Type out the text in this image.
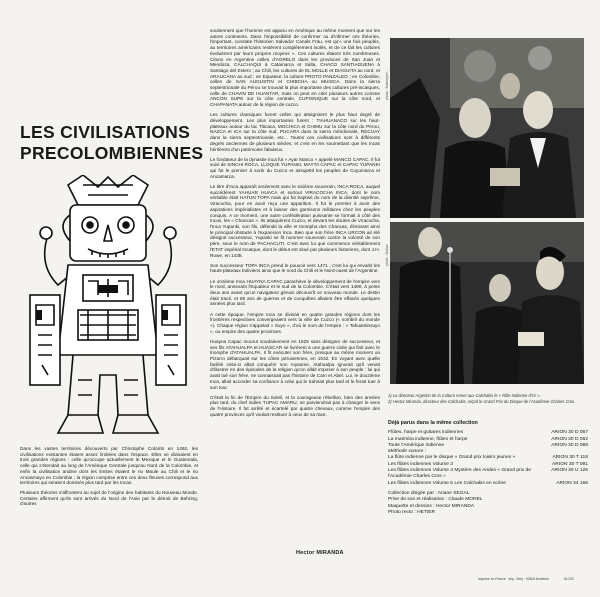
LES CIVILISATIONS
PRECOLOMBIENNES

Dans les vastes territoires découverts par Christophe Colomb en 1492, les civilisations existantes étaient assez limitées dans l'espace. Elles se divisaient en trois grandes régions : celle qu'occupe actuellement le Mexique et le Guatemala, celle qui s'étendait au long de l'Amérique Centrale jusqu'au Nord de la Colombie, et enfin la civilisation andine dont les limites étaient le rio Maule au Chili et le rio Ancasmayo en Colombie ; la région comprise entre ces deux fleuves correspond aux territoires qui seraient dominés plus tard par les Incas.

Plusieurs théories s'affrontent au sujet de l'origine des habitants du Nouveau Monde. Certains affirment qu'ils sont arrivés du Nord de l'Asie par le détroit de Behring, d'autres

soutiennent que l'homme est apparu en Amérique au même moment que sur les autres continents. Dans l'impossibilité de confirmer ou d'infirmer ces théories, l'important, constate l'historien Salvador Canals Frau, est qu'« une fois peuplés, au territoires américains restèrent complètement isolés, et de ce fait les cultures évoluèrent par leurs propres moyens ». Ces cultures étaient très nombreuses. Citons en Argentine celles d'AGRELO dans les provinces de San Juan et Mendoza, CALCHAQUI à Catamarca et Salta, CHACO SANTIAGUENA à Santiago del Estero ; au Chili, les cultures de EL MOLLE et DIAGUITA au nord, et ARAUCANA au sud ; en Equateur, la culture PROTO PANZALEO ; en Colombie, celles de SAN AUGUSTIN et CHIBCHA ou MUISCA. Dans la sierra septentrionale du Pérou se trouvait la plus importante des cultures pré-incaïques, celle de CHAVIN DE HUANTAR, mais on peut en citer plusieurs autres comme ANCON SUPE sur la côte centrale, CUPISNIQUE sur la côte nord, et CHAPANATA autour de la région de cuzco.

Les cultures classiques furent celles qui atteignirent le plus haut degré de développement. Les plus importantes furent : TIAHUANACO sur les haut-plateaux autour du lac Titicaca, MOCHICA et CHIMU sur la côte nord du Pérou, NAZCA et ICA sur la côte sud, PUCARA dans la sierra méridionale, RECUAY dans la sierra septentrionale, etc... Toutes ces civilisations sont à différents degrés anciennes de plusieurs siècles, et c'est en les soumettant que les Incas héritèrent d'un patrimoine fabuleux.

Le fondateur de la dynastie Inca fut « Ayar Manco » appelé MANCO CAPAC. Il fut suivi de SINCHI ROCA, LLOQUE YUPANKI, MAYTA CAPAC et CAPAC YUPANKI qui fut le premier à sortir du Cuzco et assujettit les peuples de Cuyumarca et Ancamarca.

Le titre d'Inca apparaît seulement avec le sixième souverain, INCA ROCA, auquel succédèrent YAHUAR HUACA et surtout VIRACOCHA INCA, dont le nom véritable était HATUN TOPA mais qui fut baptisé du nom de la divinité suprême, Viracocha, pour en avoir reçu une apparition. Il fut le premier à avoir des aspirations impérialistes et à laisser des garnisons militaires chez les peuples conquis. A ce moment, une autre confédération puissante se formait à côté des Incas, les « Chancas ». Ils attaquèrent Cuzco, et devant les doutes de Viracocha, l'Inca Yupanki, son fils, défendit la ville et triompha des Chancas, éliminant ainsi le principal obstacle à l'expansion Inca. Bien que son frère INCA URCON ait été désigné successeur, Yupanki se fit nommer souverain contre la volonté de son père, sous le nom de PACHACUTI. C'est avec lui que commence véritablement l'ETAT impérial Incaïque, dont le début est situé par plusieurs historiens, dont J.H. Rowe, en 1438.

Son successeur TOPA INCA prend le pouvoir vers 1471 ; c'est lui qui envahit les hauts-plateaux boliviens ainsi que le nord du Chili et le Nord-ouest de l'Argentine.

Le onzième Inca HUAYNA CAPAC parachève le développement de l'empire vers le nord, annexant l'Equateur et le sud de la Colombie. C'était vers 1490, à peine deux ans avant qu'un navigateur génois découvrît ce nouveau monde. Le destin était tracé, et 80 ans de guerres et de conquêtes allaient être effacés quelques années plus tard.

A cette époque, l'empire Inca se divisait en quatre grandes régions dont les frontières respectives convergeaient vers la ville de Cuzco (« nombril du monde »). Chaque région s'appelait « Suyo », d'où le nom de l'empire : « Tahuantinsuyo », ou empire des quatre provinces.

Huayna Capac mourut soudainement en 1525 sans désigner de successeur, et ses fils ATAHUALPA et HUASCAR se livrèrent à une guerre civile qui finit avec le triomphe d'ATAHUALPA. Il fit exécuter son frère, presque au même moment où Pizarro débarquait sur les côtes péruviennes, en 1532. En voyant avec quelle facilité celui-ci allait conquérir son royaume, Atahualpa ignorait qu'il venait d'illustrer en des épisodes de la religion qu'on allait imposer à son peuple : lui qui avait tué son frère, ne connaissait pas l'histoire de Caïn et Abel. Lui, le douzième Inca, allait accorder sa confiance à celui qui le trahirait plus tard et le ferait tuer à son tour.

C'était la fin de l'Empire du Soleil, et la courageuse rébellion, bien des années plus tard, du chef indien TUPAC AMARU, ne parviendrait pas à changer le sens de l'Histoire. Il fut arrêté et écartelé par quatre chevaux, comme l'empire des quatre provinces qu'il voulait restituer à ceux de sa race.

Hector MIRANDA
photo : Nutmeyer/...
photo : Dukas
1) Le directeur Argentin de la Culture remet aux Calchakis le « Rôle Indienne d'Or ».
2) Hector Miranda, directeur des Calchakis, reçoit le Grand Prix du Disque de l'Académie Charles Cros.
Déjà parus dans la même collection
Flûtes, harpe et guitares indiennes	ARION 30 D 057
La marimba indienne, flûtes et harpe	ARION 30 D 062
Toute l'Amérique indienne	ARION 30 D 069
Méthode sonore :
La flûte indienne par le disque « Grand prix loisirs jeunes »	ARION 30 T 118
Les flûtes indiennes Volume 3	ARION 30 T 091
Les flûtes indiennes Volume 4 Mystère des Andes « Grand prix de l'Académie Charles Cros »
ARION 30 U 126
Les flûtes indiennes Volume 5 Les Calchakis en scène	ARION 34 156
Collection dirigée par : Ariane SEGAL
Prise de son et réalisation : Claude MOREL
Maquette et dessins : Hector MIRANDA
Photo recto : HETIER
Imprimé en France · Imp. Obry · 92600 Asnières	34.203
